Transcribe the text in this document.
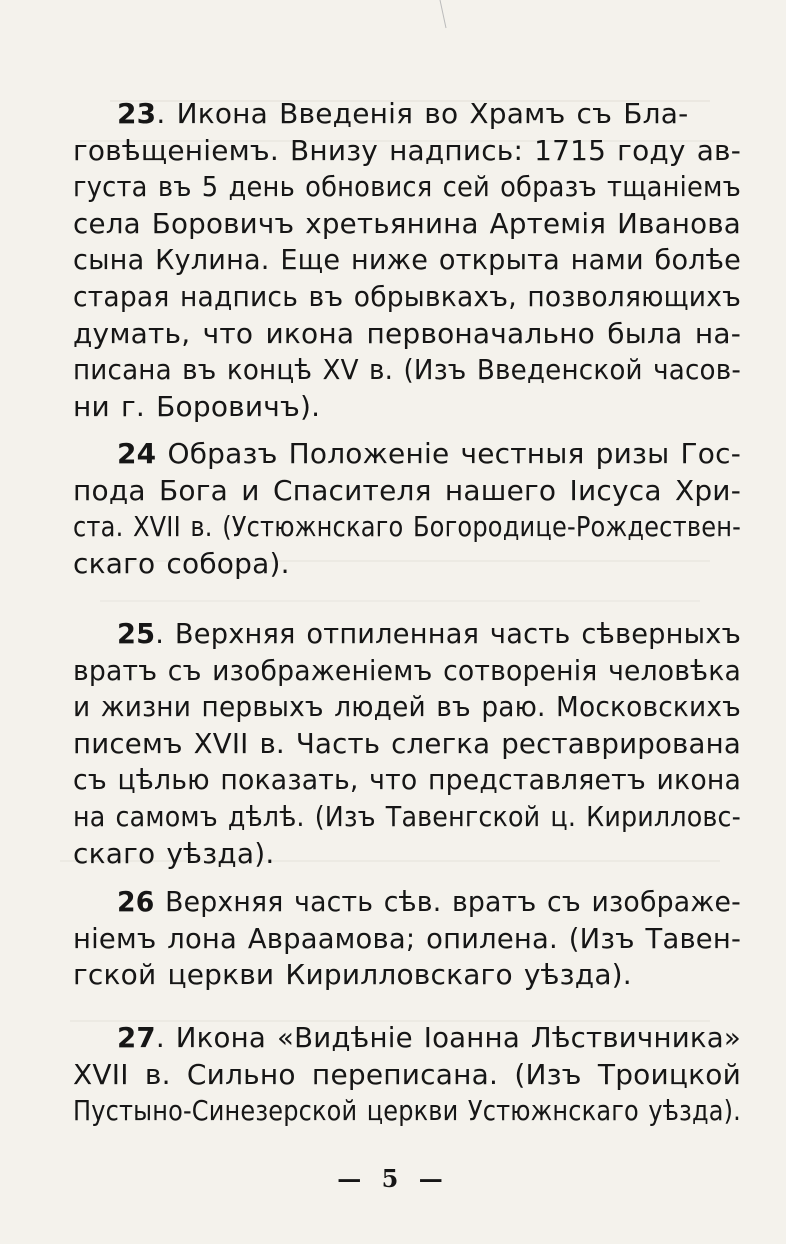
23. Икона Введенія во Храмъ съ Бла-
говѣщеніемъ. Внизу надпись: 1715 году ав-
густа въ 5 день обновися сей образъ тщаніемъ
села Боровичъ хретьянина Артемія Иванова
сына Кулина. Еще ниже открыта нами болѣе
старая надпись въ обрывкахъ, позволяющихъ
думать, что икона первоначально была на-
писана въ концѣ XV в. (Изъ Введенской часов-
ни г. Боровичъ).

24 Образъ Положеніе честныя ризы Гос-
пода Бога и Спасителя нашего Іисуса Хри-
ста. XVII в. (Устюжнскаго Богородице-Рождествен-
скаго собора).

25. Верхняя отпиленная часть сѣверныхъ
вратъ съ изображеніемъ сотворенія человѣка
и жизни первыхъ людей въ раю. Московскихъ
писемъ XVII в. Часть слегка реставрирована
съ цѣлью показать, что представляетъ икона
на самомъ дѣлѣ. (Изъ Тавенгской ц. Кирилловс-
скаго уѣзда).

26 Верхняя часть сѣв. вратъ съ изображе-
ніемъ лона Авраамова; опилена. (Изъ Тавен-
гской церкви Кирилловскаго уѣзда).

27. Икона «Видѣніе Іоанна Лѣствичника»
XVII в. Сильно переписана. (Изъ Троицкой
Пустыно-Синезерской церкви Устюжнскаго уѣзда).

— 5 —
